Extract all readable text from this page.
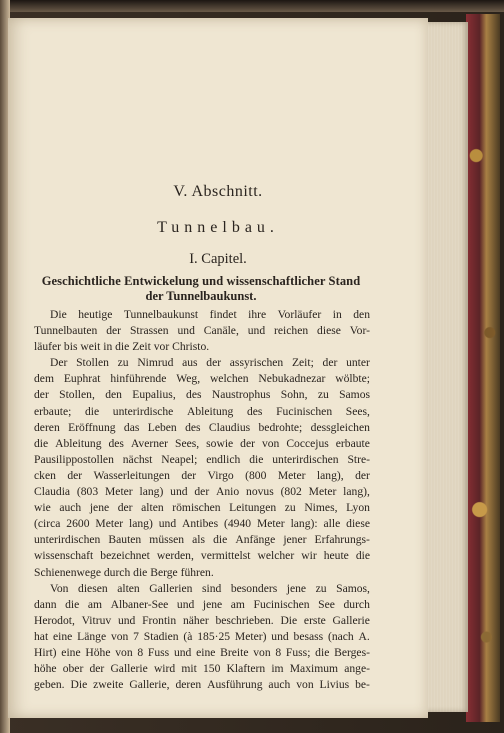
V. Abschnitt.
Tunnelbau.
I. Capitel.
Geschichtliche Entwickelung und wissenschaftlicher Stand
der Tunnelbaukunst.
Die heutige Tunnelbaukunst findet ihre Vorläufer in den
Tunnelbauten der Strassen und Canäle, und reichen diese Vor-
läufer bis weit in die Zeit vor Christo.
Der Stollen zu Nimrud aus der assyrischen Zeit; der unter
dem Euphrat hinführende Weg, welchen Nebukadnezar wölbte;
der Stollen, den Eupalius, des Naustrophus Sohn, zu Samos
erbaute; die unterirdische Ableitung des Fucinischen Sees,
deren Eröffnung das Leben des Claudius bedrohte; dessgleichen
die Ableitung des Averner Sees, sowie der von Coccejus erbaute
Pausilippostollen nächst Neapel; endlich die unterirdischen Stre-
cken der Wasserleitungen der Virgo (800 Meter lang), der
Claudia (803 Meter lang) und der Anio novus (802 Meter lang),
wie auch jene der alten römischen Leitungen zu Nimes, Lyon
(circa 2600 Meter lang) und Antibes (4940 Meter lang): alle diese
unterirdischen Bauten müssen als die Anfänge jener Erfahrungs-
wissenschaft bezeichnet werden, vermittelst welcher wir heute die
Schienenwege durch die Berge führen.
Von diesen alten Gallerien sind besonders jene zu Samos,
dann die am Albaner-See und jene am Fucinischen See durch
Herodot, Vitruv und Frontin näher beschrieben. Die erste Gallerie
hat eine Länge von 7 Stadien (à 185·25 Meter) und besass (nach A.
Hirt) eine Höhe von 8 Fuss und eine Breite von 8 Fuss; die Berges-
höhe ober der Gallerie wird mit 150 Klaftern im Maximum ange-
geben. Die zweite Gallerie, deren Ausführung auch von Livius be-
